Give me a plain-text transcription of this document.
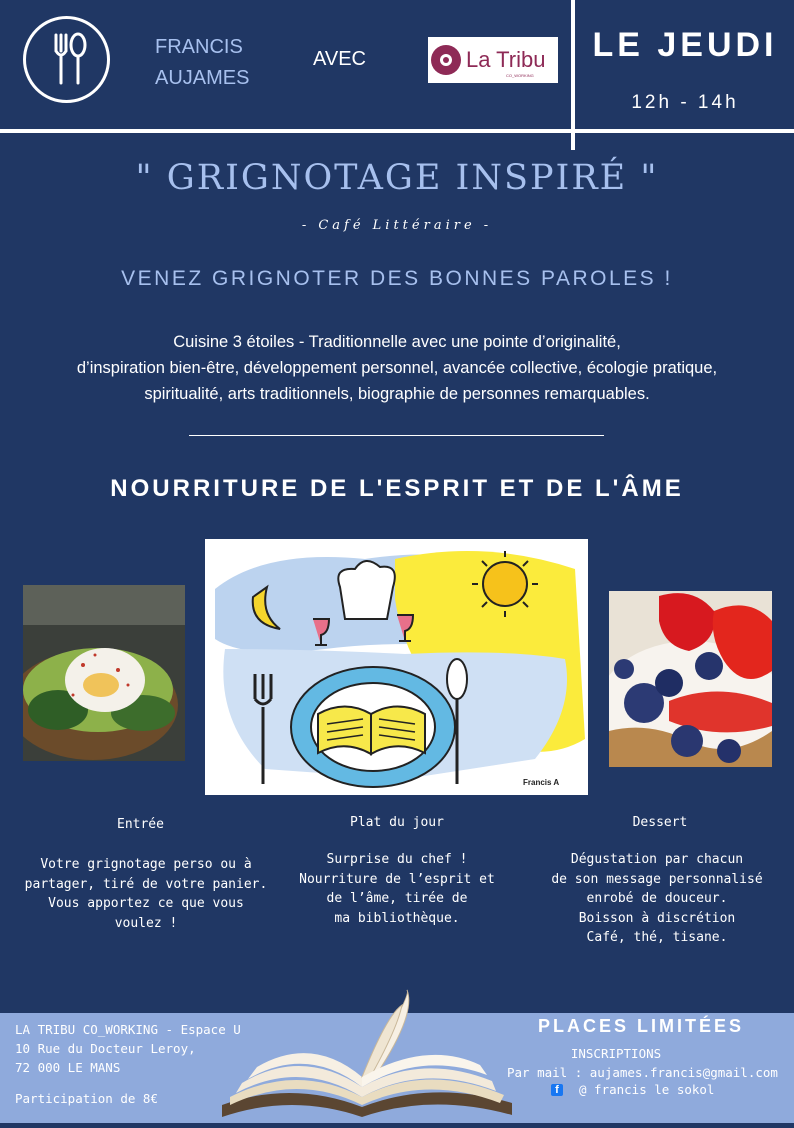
FRANCIS AUJAMES
AVEC	La Tribu
CO_WORKING
LE JEUDI
12h - 14h
" GRIGNOTAGE INSPIRÉ "
- Café Littéraire -
VENEZ GRIGNOTER DES BONNES PAROLES !
Cuisine 3 étoiles - Traditionnelle avec une pointe d’originalité,
d’inspiration bien-être, développement personnel, avancée collective, écologie pratique,
spiritualité, arts traditionnels, biographie de personnes remarquables.
NOURRITURE DE L'ESPRIT ET DE L'ÂME
Francis A
Entrée
Votre grignotage perso ou à
partager, tiré de votre panier.
Vous apportez ce que vous
voulez !
Plat du jour
Surprise du chef !
Nourriture de l’esprit et
de l’âme, tirée de
ma bibliothèque.
Dessert
Dégustation par chacun
de son message personnalisé
enrobé de douceur.
Boisson à discrétion
Café, thé, tisane.
LA TRIBU CO_WORKING - Espace U
10 Rue du Docteur Leroy,
72 000 LE MANS
Participation de 8€
PLACES LIMITÉES
INSCRIPTIONS
Par mail : aujames.francis@gmail.com
f	@ francis le sokol
